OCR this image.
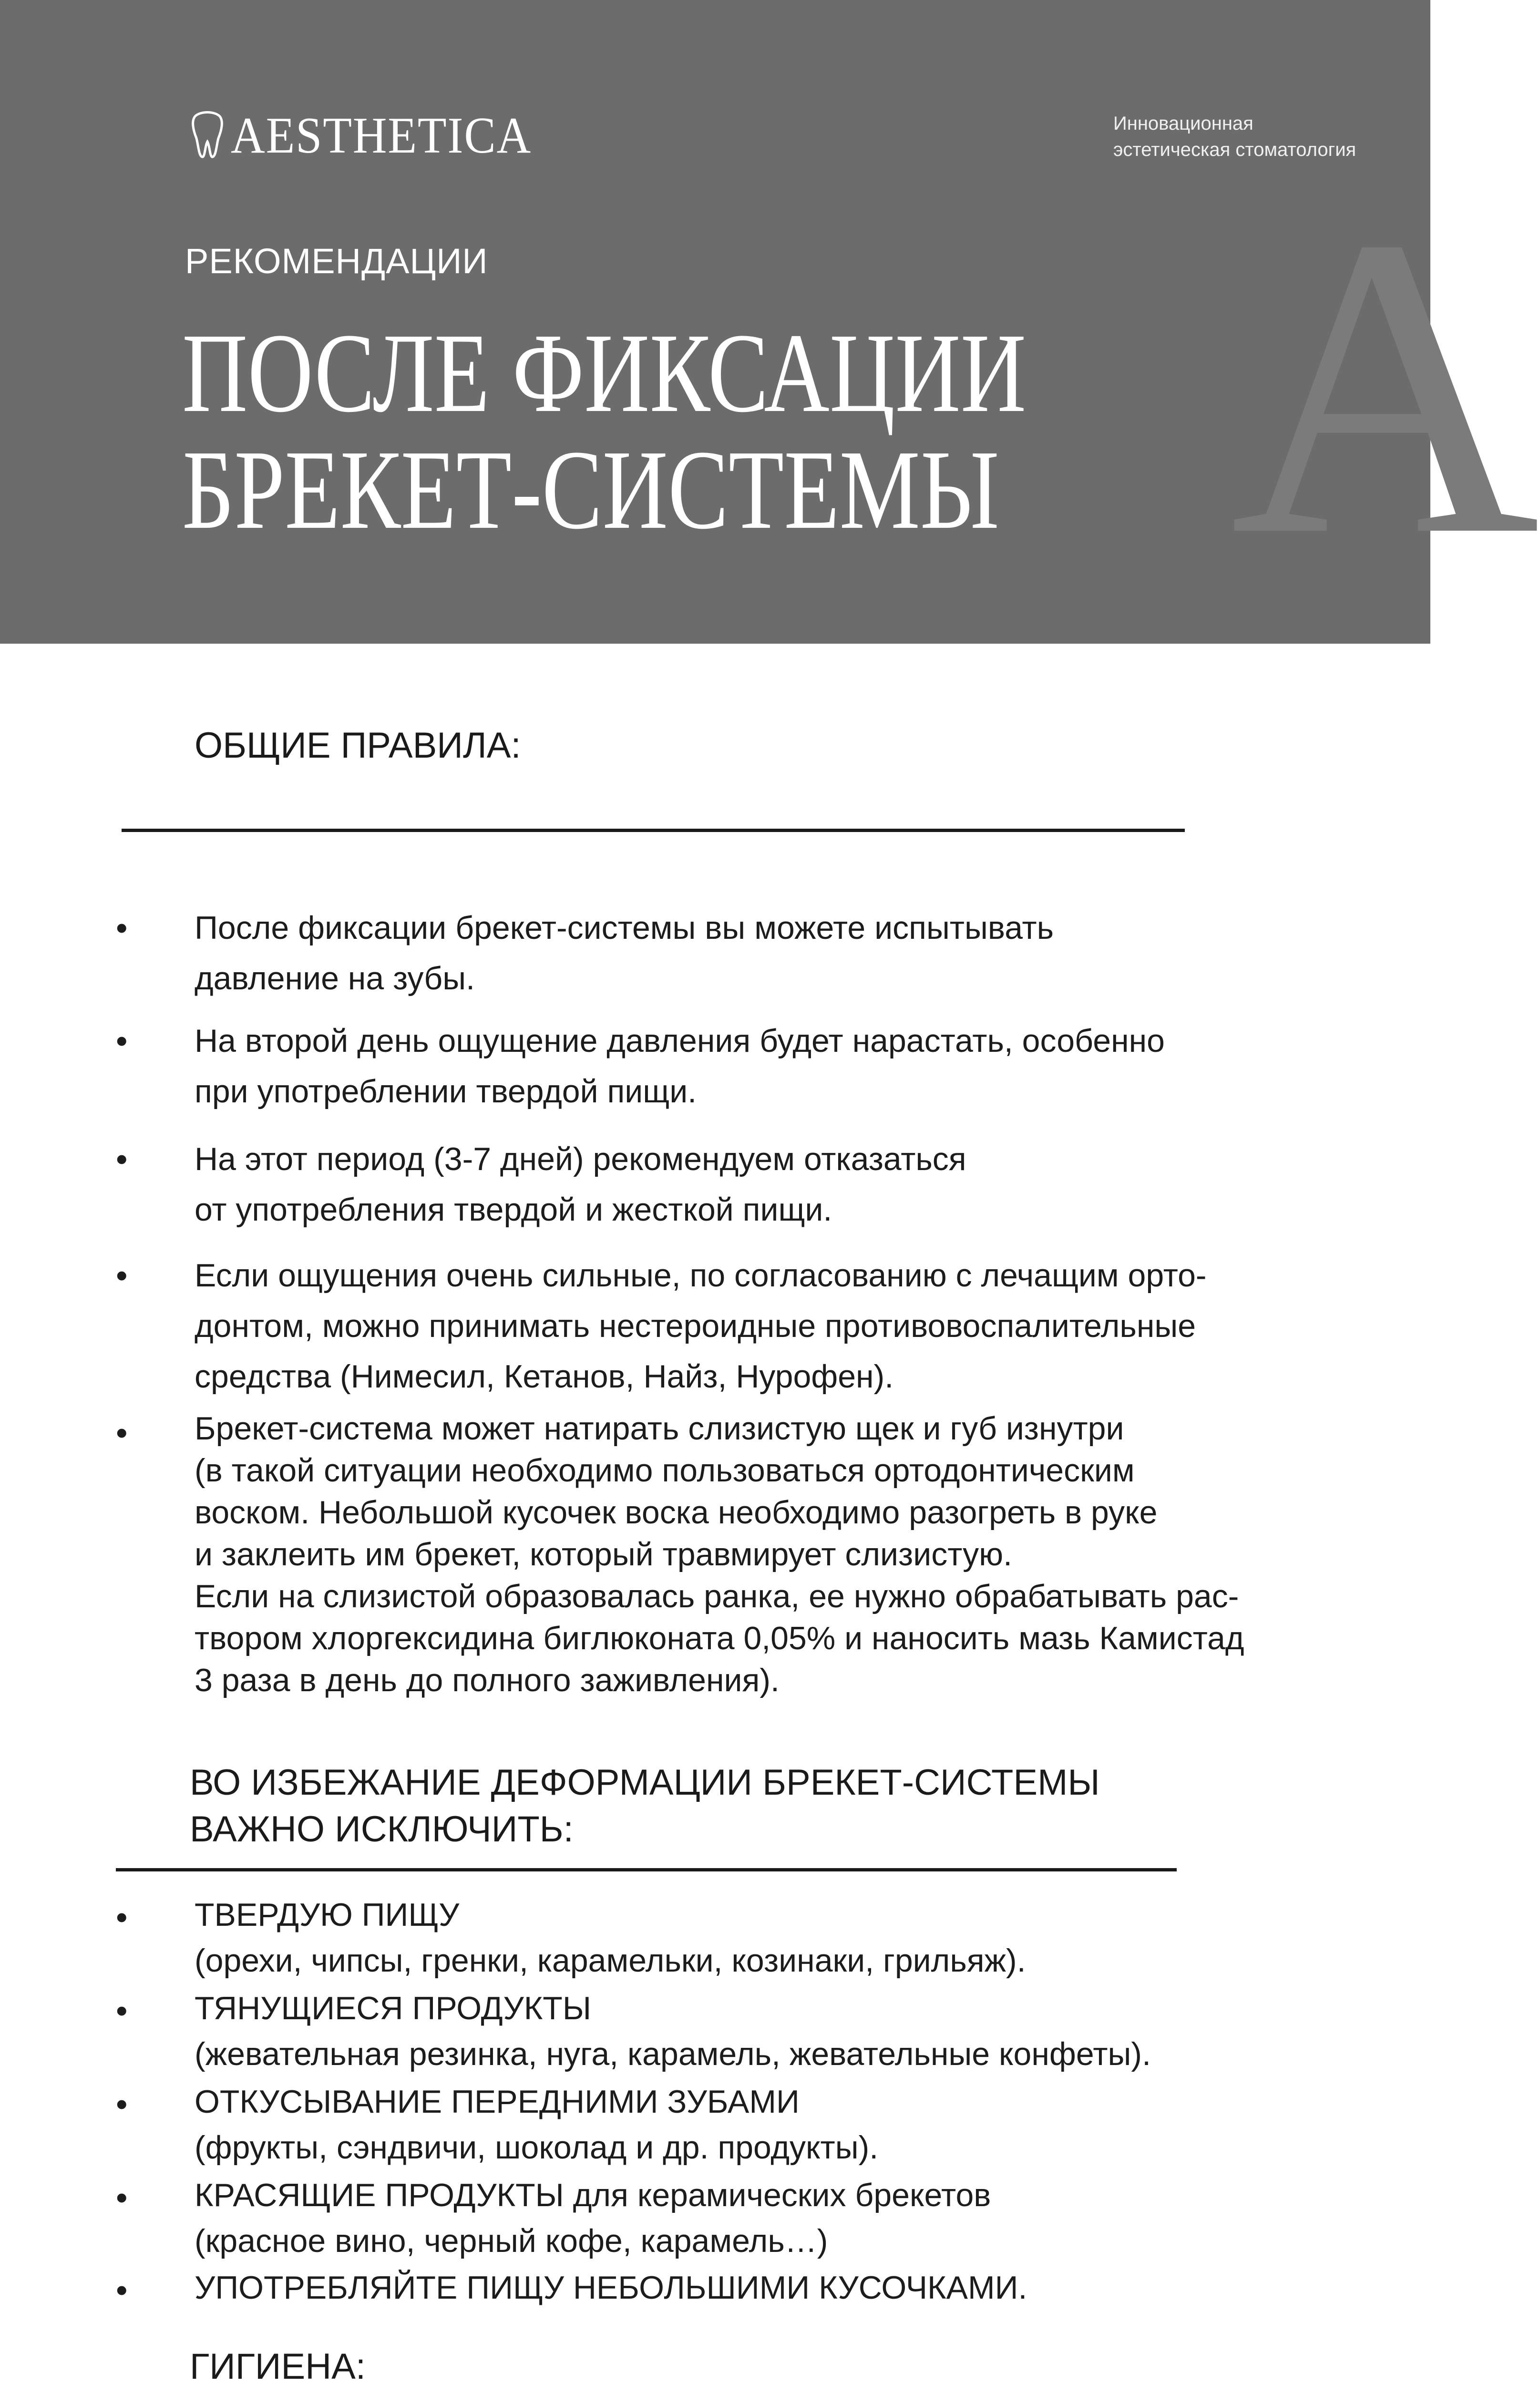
A
AESTHETICA	Инновационная
эстетическая стоматология
РЕКОМЕНДАЦИИ
ПОСЛЕ ФИКСАЦИИ
БРЕКЕТ-СИСТЕМЫ
ОБЩИЕ ПРАВИЛА:
• После фиксации брекет-системы вы можете испытывать
давление на зубы.
• На второй день ощущение давления будет нарастать, особенно
при употреблении твердой пищи.
• На этот период (3-7 дней) рекомендуем отказаться
от употребления твердой и жесткой пищи.
• Если ощущения очень сильные, по согласованию с лечащим орто-
донтом, можно принимать нестероидные противовоспалительные
средства (Нимесил, Кетанов, Найз, Нурофен).
• Брекет-система может натирать слизистую щек и губ изнутри
(в такой ситуации необходимо пользоваться ортодонтическим
воском. Небольшой кусочек воска необходимо разогреть в руке
и заклеить им брекет, который травмирует слизистую.
Если на слизистой образовалась ранка, ее нужно обрабатывать рас-
твором хлоргексидина биглюконата 0,05% и наносить мазь Камистад
3 раза в день до полного заживления).
ВО ИЗБЕЖАНИЕ ДЕФОРМАЦИИ БРЕКЕТ-СИСТЕМЫ
ВАЖНО ИСКЛЮЧИТЬ:
• ТВЕРДУЮ ПИЩУ
(орехи, чипсы, гренки, карамельки, козинаки, грильяж).
• ТЯНУЩИЕСЯ ПРОДУКТЫ
(жевательная резинка, нуга, карамель, жевательные конфеты).
• ОТКУСЫВАНИЕ ПЕРЕДНИМИ ЗУБАМИ
(фрукты, сэндвичи, шоколад и др. продукты).
• КРАСЯЩИЕ ПРОДУКТЫ для керамических брекетов
(красное вино, черный кофе, карамель…)
• УПОТРЕБЛЯЙТЕ ПИЩУ НЕБОЛЬШИМИ КУСОЧКАМИ.
ГИГИЕНА:
